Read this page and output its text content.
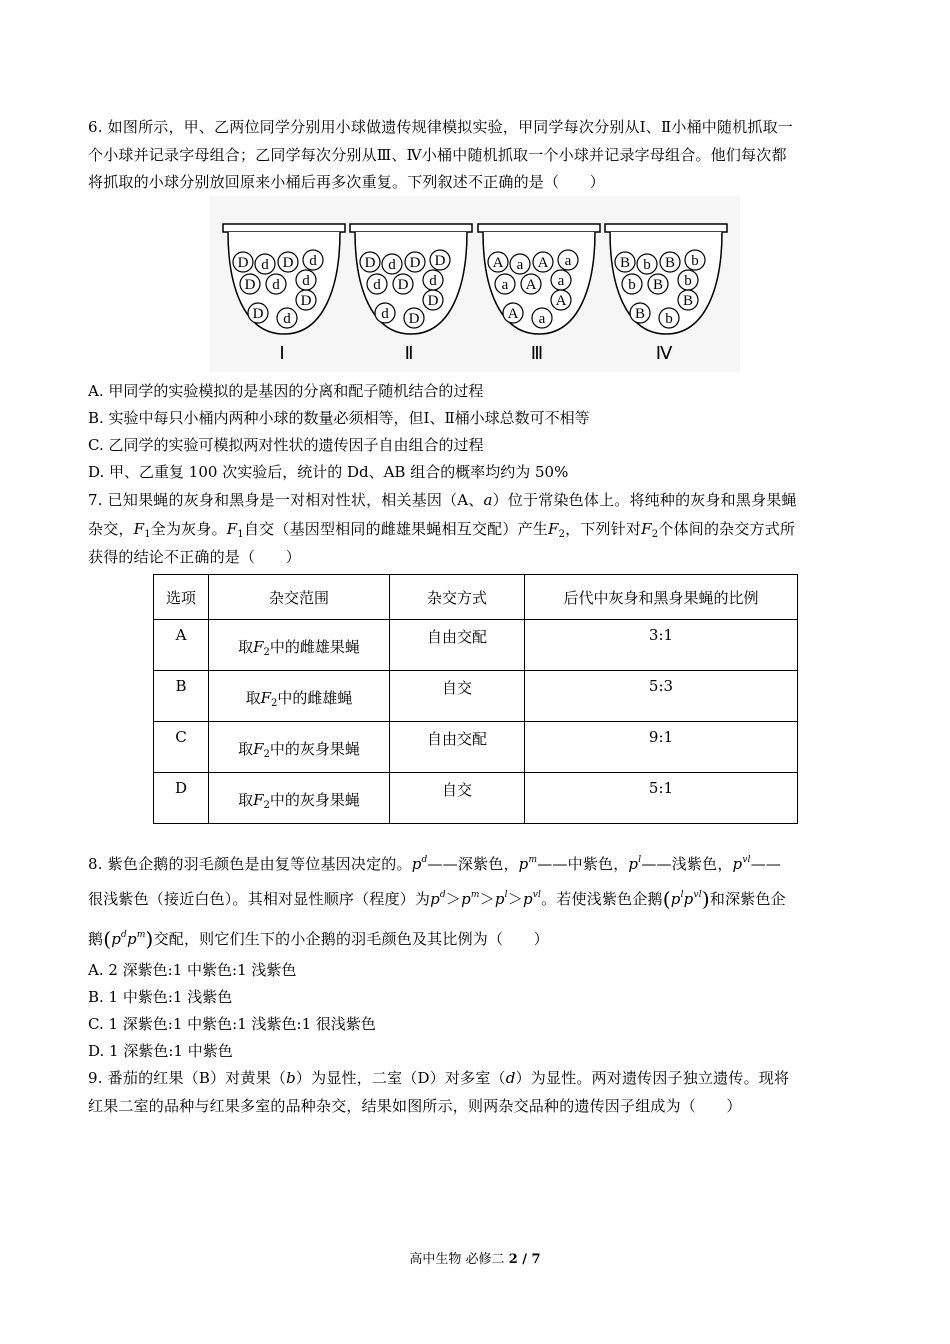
6. 如图所示，甲、乙两位同学分别用小球做遗传规律模拟实验，甲同学每次分别从Ⅰ、Ⅱ小桶中随机抓取一
个小球并记录字母组合；乙同学每次分别从Ⅲ、Ⅳ小桶中随机抓取一个小球并记录字母组合。他们每次都
将抓取的小球分别放回原来小桶后再多次重复。下列叙述不正确的是（　　）
D d D d
d
D d
D
D d
Ⅰ
D d D D
d
d D
D
d D
Ⅱ
A a A a
a
a A
A
A a
Ⅲ
B b B b
b
b B
B
B b
Ⅳ
A. 甲同学的实验模拟的是基因的分离和配子随机结合的过程
B. 实验中每只小桶内两种小球的数量必须相等，但Ⅰ、Ⅱ桶小球总数可不相等
C. 乙同学的实验可模拟两对性状的遗传因子自由组合的过程
D. 甲、乙重复 100 次实验后，统计的 Dd、AB 组合的概率均约为 50%
7. 已知果蝇的灰身和黑身是一对相对性状，相关基因（A、a）位于常染色体上。将纯种的灰身和黑身果蝇
杂交，$F_1$全为灰身。$F_1$自交（基因型相同的雌雄果蝇相互交配）产生$F_2$，下列针对$F_2$个体间的杂交方式所
获得的结论不正确的是（　　）
选项	杂交范围	杂交方式	后代中灰身和黑身果蝇的比例

A	取$F_2$中的雌雄果蝇	自由交配	3:1

B	取$F_2$中的雌雄蝇	自交	5:3

C	取$F_2$中的灰身果蝇	自由交配	9:1

D	取$F_2$中的灰身果蝇	自交	5:1
8. 紫色企鹅的羽毛颜色是由复等位基因决定的。$p^d——$深紫色，$p^m——$中紫色，$p^l——$浅紫色，$p^{vl}——$
很浅紫色（接近白色）。其相对显性顺序（程度）为$p^d>p^m>p^l>p^{vl}$。若使浅紫色企鹅$(p^lp^{vl})$和深紫色企
鹅$(p^dp^m)$交配，则它们生下的小企鹅的羽毛颜色及其比例为（　　）
A. 2 深紫色:1 中紫色:1 浅紫色
B. 1 中紫色:1 浅紫色
C. 1 深紫色:1 中紫色:1 浅紫色:1 很浅紫色
D. 1 深紫色:1 中紫色
9. 番茄的红果（B）对黄果（b）为显性，二室（D）对多室（d）为显性。两对遗传因子独立遗传。现将
红果二室的品种与红果多室的品种杂交，结果如图所示，则两杂交品种的遗传因子组成为（　　）
高中生物 必修二 2 / 7
